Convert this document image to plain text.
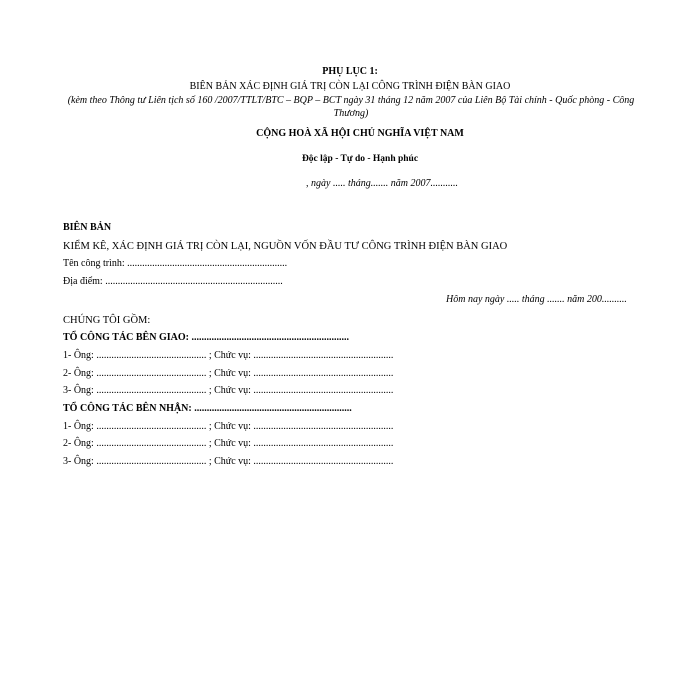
PHỤ LỤC 1:
BIÊN BẢN XÁC ĐỊNH GIÁ TRỊ CÒN LẠI CÔNG TRÌNH ĐIỆN BÀN GIAO
(kèm theo Thông tư Liên tịch số 160 /2007/TTLT/BTC – BQP – BCT ngày 31 tháng 12 năm 2007 của Liên Bộ Tài chính - Quốc phòng - Công Thương)
CỘNG HOÀ XÃ HỘI CHỦ NGHĨA VIỆT NAM
Độc lập - Tự do - Hạnh phúc
, ngày ..... tháng....... năm 2007...........
BIÊN BẢN
KIỂM KÊ, XÁC ĐỊNH GIÁ TRỊ CÒN LẠI, NGUỒN VỐN ĐẦU TƯ CÔNG TRÌNH ĐIỆN BÀN GIAO
Tên công trình: ................................................................
Địa điểm: .......................................................................
Hôm nay ngày ..... tháng ....... năm 200..........
CHÚNG TÔI GỒM:
TỔ CÔNG TÁC BÊN GIAO: ...............................................................
1- Ông: ............................................ ; Chức vụ: ........................................................
2- Ông: ............................................ ; Chức vụ: ........................................................
3- Ông: ............................................ ; Chức vụ: ........................................................
TỔ CÔNG TÁC BÊN NHẬN: ...............................................................
1- Ông: ............................................ ; Chức vụ: ........................................................
2- Ông: ............................................ ; Chức vụ: ........................................................
3- Ông: ............................................ ; Chức vụ: ........................................................
